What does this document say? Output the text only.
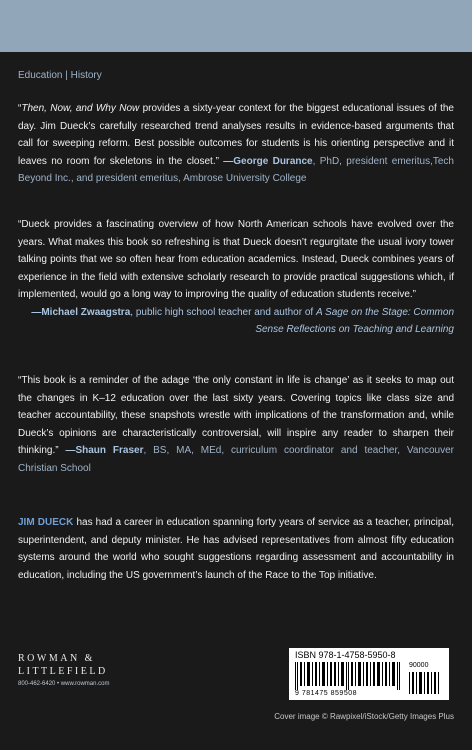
Education | History
“Then, Now, and Why Now provides a sixty-year context for the biggest educational issues of the day. Jim Dueck’s carefully researched trend analyses results in evidence-based arguments that call for sweeping reform. Best possible outcomes for students is his orienting perspective and it leaves no room for skeletons in the closet.” —George Durance, PhD, president emeritus,Tech Beyond Inc., and president emeritus, Ambrose University College
“Dueck provides a fascinating overview of how North American schools have evolved over the years. What makes this book so refreshing is that Dueck doesn’t regurgitate the usual ivory tower talking points that we so often hear from education academics. Instead, Dueck combines years of experience in the field with extensive scholarly research to provide practical suggestions which, if implemented, would go a long way to improving the quality of education students receive.”
—Michael Zwaagstra, public high school teacher and author of A Sage on the Stage: Common Sense Reflections on Teaching and Learning
“This book is a reminder of the adage ‘the only constant in life is change’ as it seeks to map out the changes in K–12 education over the last sixty years. Covering topics like class size and teacher accountability, these snapshots wrestle with implications of the transformation and, while Dueck’s opinions are characteristically controversial, will inspire any reader to sharpen their thinking.” —Shaun Fraser, BS, MA, MEd, curriculum coordinator and teacher, Vancouver Christian School
JIM DUECK has had a career in education spanning forty years of service as a teacher, principal, superintendent, and deputy minister. He has advised representatives from almost fifty education systems around the world who sought suggestions regarding assessment and accountability in education, including the US government’s launch of the Race to the Top initiative.
ROWMAN &
LITTLEFIELD
800-462-6420 • www.rowman.com
ISBN 978-1-4758-5950-8
9 781475 859508
90000
Cover image © Rawpixel/iStock/Getty Images Plus
